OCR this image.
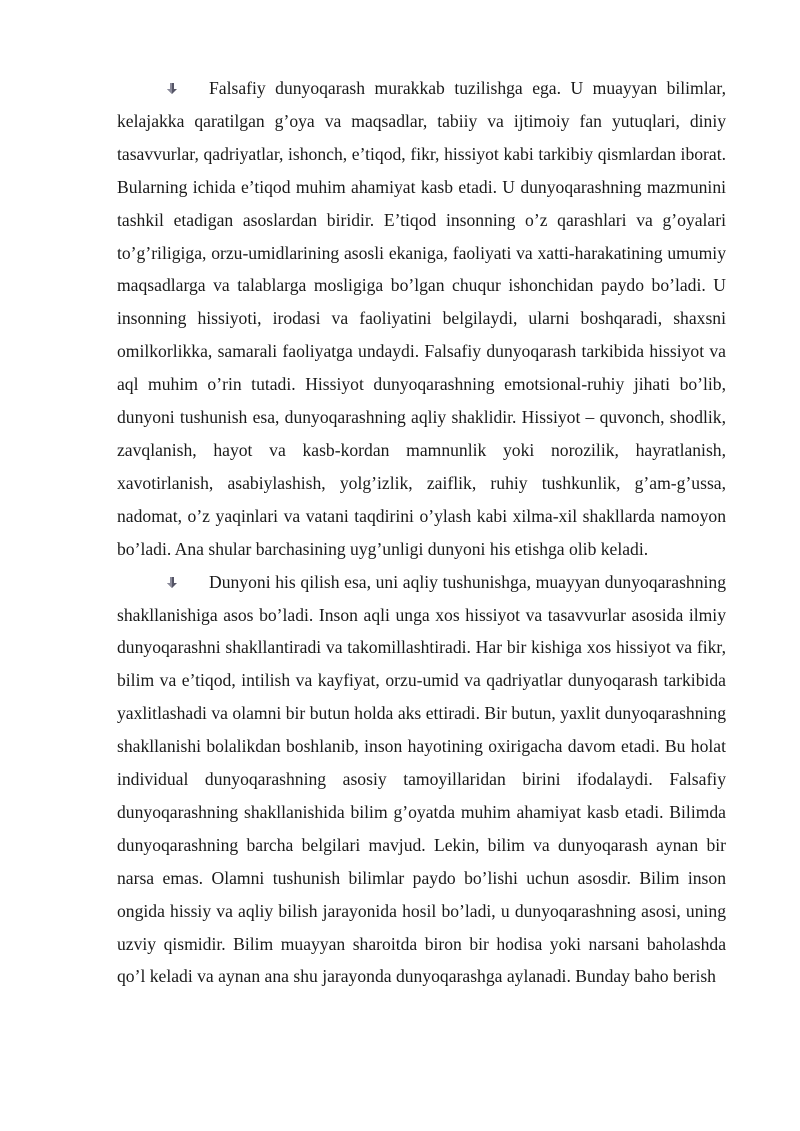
Falsafiy dunyoqarash murakkab tuzilishga ega. U muayyan bilimlar, kelajakka qaratilgan g’oya va maqsadlar, tabiiy va ijtimoiy fan yutuqlari, diniy tasavvurlar, qadriyatlar, ishonch, e’tiqod, fikr, hissiyot kabi tarkibiy qismlardan iborat. Bularning ichida e’tiqod muhim ahamiyat kasb etadi. U dunyoqarashning mazmunini tashkil etadigan asoslardan biridir. E’tiqod insonning o’z qarashlari va g’oyalari to’g’riligiga, orzu-umidlarining asosli ekaniga, faoliyati va xatti-harakatining umumiy maqsadlarga va talablarga mosligiga bo’lgan chuqur ishonchidan paydo bo’ladi. U insonning hissiyoti, irodasi va faoliyatini belgilaydi, ularni boshqaradi, shaxsni omilkorlikka, samarali faoliyatga undaydi. Falsafiy dunyoqarash tarkibida hissiyot va aql muhim o’rin tutadi. Hissiyot dunyoqarashning emotsional-ruhiy jihati bo’lib, dunyoni tushunish esa, dunyoqarashning aqliy shaklidir. Hissiyot – quvonch, shodlik, zavqlanish, hayot va kasb-kordan mamnunlik yoki norozilik, hayratlanish, xavotirlanish, asabiylashish, yolg’izlik, zaiflik, ruhiy tushkunlik, g’am-g’ussa, nadomat, o’z yaqinlari va vatani taqdirini o’ylash kabi xilma-xil shakllarda namoyon bo’ladi. Ana shular barchasining uyg’unligi dunyoni his etishga olib keladi.

Dunyoni his qilish esa, uni aqliy tushunishga, muayyan dunyoqarashning shakllanishiga asos bo’ladi. Inson aqli unga xos hissiyot va tasavvurlar asosida ilmiy dunyoqarashni shakllantiradi va takomillashtiradi. Har bir kishiga xos hissiyot va fikr, bilim va e’tiqod, intilish va kayfiyat, orzu-umid va qadriyatlar dunyoqarash tarkibida yaxlitlashadi va olamni bir butun holda aks ettiradi. Bir butun, yaxlit dunyoqarashning shakllanishi bolalikdan boshlanib, inson hayotining oxirigacha davom etadi. Bu holat individual dunyoqarashning asosiy tamoyillaridan birini ifodalaydi. Falsafiy dunyoqarashning shakllanishida bilim g’oyatda muhim ahamiyat kasb etadi. Bilimda dunyoqarashning barcha belgilari mavjud. Lekin, bilim va dunyoqarash aynan bir narsa emas. Olamni tushunish bilimlar paydo bo’lishi uchun asosdir. Bilim inson ongida hissiy va aqliy bilish jarayonida hosil bo’ladi, u dunyoqarashning asosi, uning uzviy qismidir. Bilim muayyan sharoitda biron bir hodisa yoki narsani baholashda qo’l keladi va aynan ana shu jarayonda dunyoqarashga aylanadi. Bunday baho berish
